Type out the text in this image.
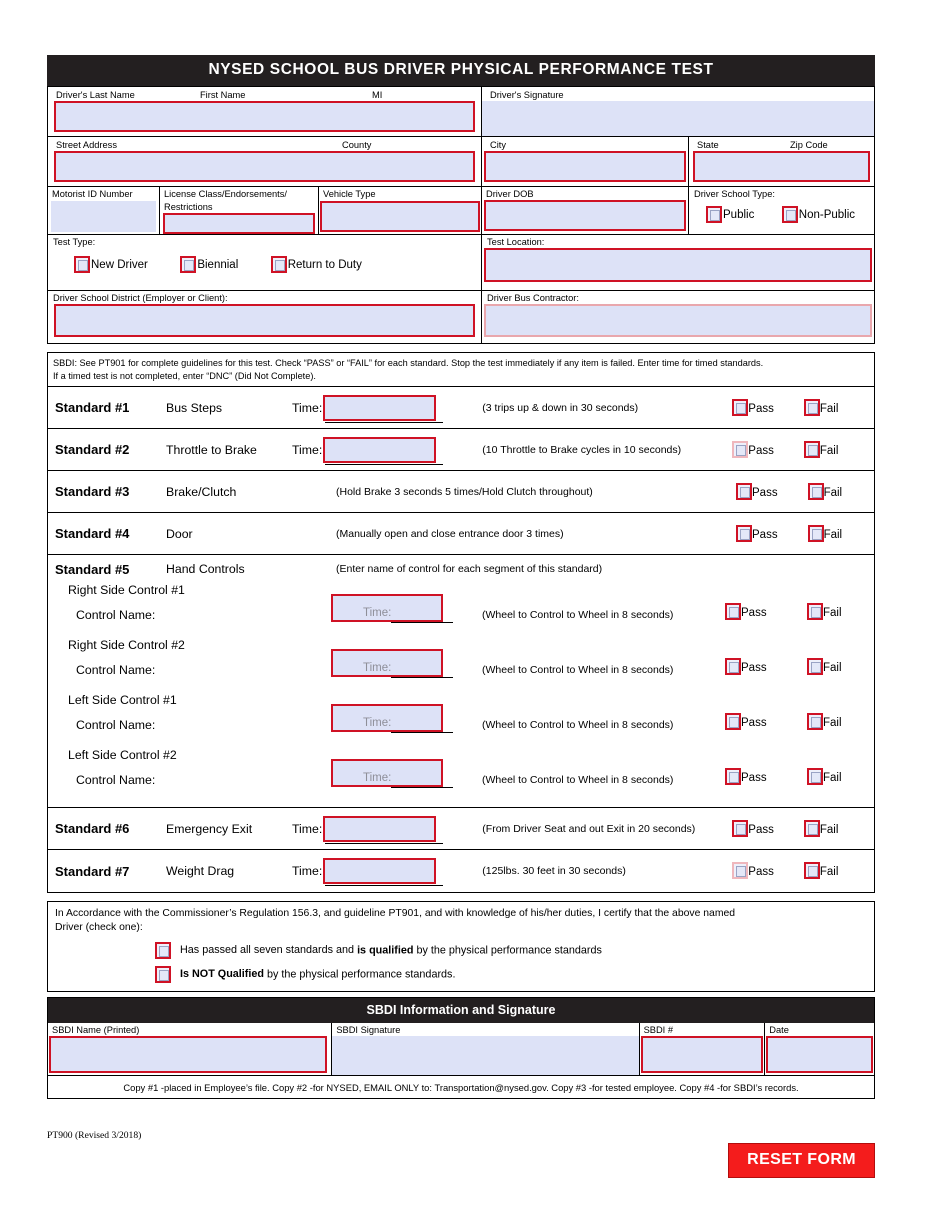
NYSED SCHOOL BUS DRIVER PHYSICAL PERFORMANCE TEST
Driver's Last Name	First Name	MI	Driver's Signature
Street Address	County	City	State	Zip Code
Motorist ID Number	License Class/Endorsements/
Restrictions
Vehicle Type	Driver DOB	Driver School Type:
Public	Non-Public
Test Type:
New Driver	Biennial	Return to Duty
Test Location:
Driver School District (Employer or Client):	Driver Bus Contractor:
SBDI: See PT901 for complete guidelines for this test. Check “PASS” or “FAIL” for each standard. Stop the test immediately if any item is failed. Enter time for timed standards.
If a timed test is not completed, enter “DNC” (Did Not Complete).
Standard #1	Bus Steps	Time:	(3 trips up & down in 30 seconds)	Pass	Fail
Standard #2	Throttle to Brake	Time:	(10 Throttle to Brake cycles in 10 seconds)	Pass	Fail
Standard #3	Brake/Clutch	(Hold Brake 3 seconds 5 times/Hold Clutch throughout)	Pass	Fail
Standard #4	Door	(Manually open and close entrance door 3 times)	Pass	Fail
Standard #5	Hand Controls	(Enter name of control for each segment of this standard)
Right Side Control #1
Control Name:	Time:	(Wheel to Control to Wheel in 8 seconds)	Pass	Fail
Right Side Control #2
Control Name:	Time:	(Wheel to Control to Wheel in 8 seconds)	Pass	Fail
Left Side Control #1
Control Name:	Time:	(Wheel to Control to Wheel in 8 seconds)	Pass	Fail
Left Side Control #2
Control Name:	Time:	(Wheel to Control to Wheel in 8 seconds)	Pass	Fail
Standard #6	Emergency Exit	Time:	(From Driver Seat and out Exit in 20 seconds)	Pass	Fail
Standard #7	Weight Drag	Time:	(125lbs. 30 feet in 30 seconds)	Pass	Fail

In Accordance with the Commissioner’s Regulation 156.3, and guideline PT901, and with knowledge of his/her duties, I certify that the above named

Driver (check one):

Has passed all seven standards and is qualified by the physical performance standards
Is NOT Qualified by the physical performance standards.
SBDI Information and Signature
SBDI Name (Printed)	SBDI Signature	SBDI #	Date
Copy #1 -placed in Employee’s file. Copy #2 -for NYSED, EMAIL ONLY to: Transportation@nysed.gov. Copy #3 -for tested employee. Copy #4 -for SBDI’s records.
PT900 (Revised 3/2018)
RESET FORM
